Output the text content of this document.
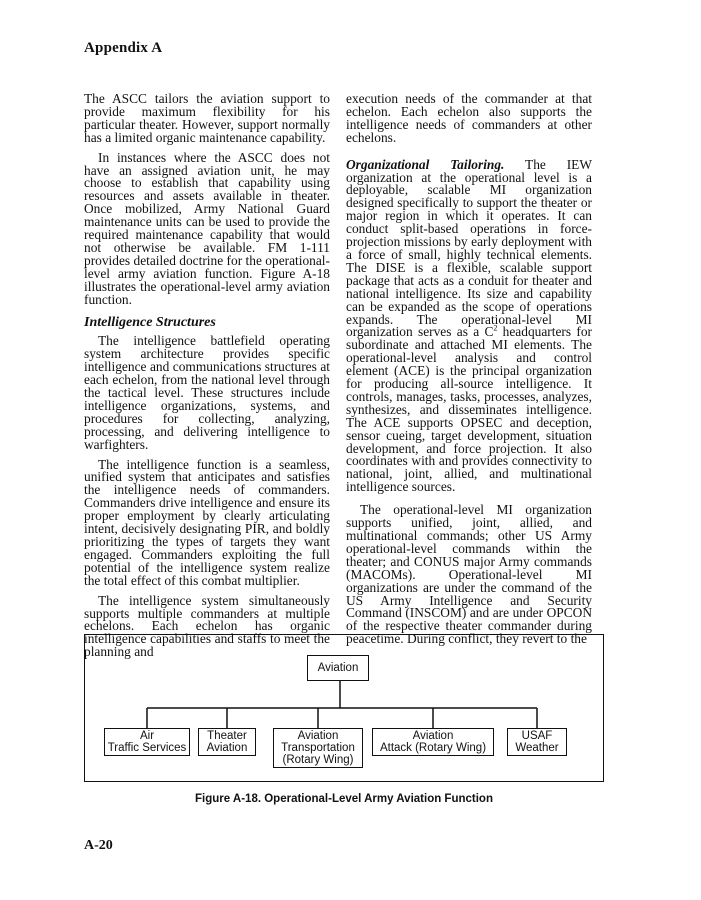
Appendix A

The ASCC tailors the aviation support to provide maximum flexibility for his particular theater. However, support normally has a limited organic maintenance capability.

In instances where the ASCC does not have an assigned aviation unit, he may choose to establish that capability using resources and assets available in theater. Once mobilized, Army National Guard maintenance units can be used to provide the required maintenance capability that would not otherwise be available. FM 1-111 provides detailed doctrine for the operational-level army aviation function. Figure A-18 illustrates the operational-level army aviation function.

Intelligence Structures

The intelligence battlefield operating system architecture provides specific intelligence and communications structures at each echelon, from the national level through the tactical level. These structures include intelligence organizations, systems, and procedures for collecting, analyzing, processing, and delivering intelligence to warfighters.

The intelligence function is a seamless, unified system that anticipates and satisfies the intelligence needs of commanders. Commanders drive intelligence and ensure its proper employment by clearly articulating intent, decisively designating PIR, and boldly prioritizing the types of targets they want engaged. Commanders exploiting the full potential of the intelligence system realize the total effect of this combat multiplier.

The intelligence system simultaneously supports multiple commanders at multiple echelons. Each echelon has organic intelligence capabilities and staffs to meet the planning and

execution needs of the commander at that echelon. Each echelon also supports the intelligence needs of commanders at other echelons.

Organizational Tailoring. The IEW organization at the operational level is a deployable, scalable MI organization designed specifically to support the theater or major region in which it operates. It can conduct split-based operations in force-projection missions by early deployment with a force of small, highly technical elements. The DISE is a flexible, scalable support package that acts as a conduit for theater and national intelligence. Its size and capability can be expanded as the scope of operations expands. The operational-level MI organization serves as a $C^2$ headquarters for subordinate and attached MI elements. The operational-level analysis and control element (ACE) is the principal organization for producing all-source intelligence. It controls, manages, tasks, processes, analyzes, synthesizes, and disseminates intelligence. The ACE supports OPSEC and deception, sensor cueing, target development, situation development, and force projection. It also coordinates with and provides connectivity to national, joint, allied, and multinational intelligence sources.

The operational-level MI organization supports unified, joint, allied, and multinational commands; other US Army operational-level commands within the theater; and CONUS major Army commands (MACOMs). Operational-level MI organizations are under the command of the US Army Intelligence and Security Command (INSCOM) and are under OPCON of the respective theater commander during peacetime. During conflict, they revert to the

Aviation
Air
Traffic Services
Theater
Aviation
Aviation
Transportation
(Rotary Wing)
Aviation
Attack (Rotary Wing)
USAF
Weather
Figure A-18. Operational-Level Army Aviation Function
A-20
